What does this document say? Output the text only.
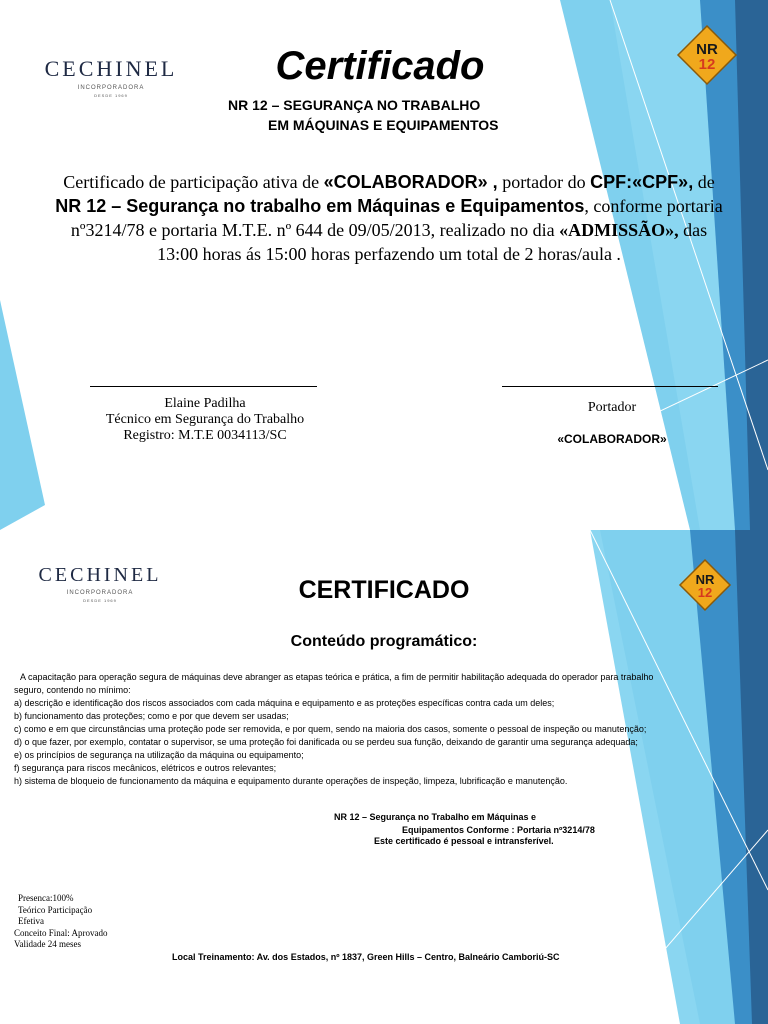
CECHINEL
INCORPORADORA
DESDE 1969
NR
12
Certificado
NR 12 – SEGURANÇA NO TRABALHO
EM MÁQUINAS E EQUIPAMENTOS
Certificado de participação ativa de «COLABORADOR» , portador do CPF:«CPF», de
NR 12 – Segurança no trabalho em Máquinas e Equipamentos, conforme portaria
nº3214/78 e portaria M.T.E. nº 644 de 09/05/2013, realizado no dia «ADMISSÃO», das
13:00 horas ás 15:00 horas perfazendo um total de 2 horas/aula .
Elaine Padilha
Técnico em Segurança do Trabalho
Registro: M.T.E 0034113/SC
Portador
«COLABORADOR»
CECHINEL
INCORPORADORA
DESDE 1969
NR
12
CERTIFICADO
Conteúdo programático:

A capacitação para operação segura de máquinas deve abranger as etapas teórica e prática, a fim de permitir habilitação adequada do operador para trabalho

seguro, contendo no mínimo:

a) descrição e identificação dos riscos associados com cada máquina e equipamento e as proteções específicas contra cada um deles;

b) funcionamento das proteções; como e por que devem ser usadas;

c) como e em que circunstâncias uma proteção pode ser removida, e por quem, sendo na maioria dos casos, somente o pessoal de inspeção ou manutenção;

d) o que fazer, por exemplo, contatar o supervisor, se uma proteção foi danificada ou se perdeu sua função, deixando de garantir uma segurança adequada;

e) os princípios de segurança na utilização da máquina ou equipamento;

f) segurança para riscos mecânicos, elétricos e outros relevantes;

h) sistema de bloqueio de funcionamento da máquina e equipamento durante operações de inspeção, limpeza, lubrificação e manutenção.

NR 12 – Segurança no Trabalho em Máquinas e
Equipamentos Conforme : Portaria nº3214/78
Este certificado é pessoal e intransferível.
Presenca:100%
Teórico Participação
Efetiva
Conceito Final: Aprovado
Validade 24 meses
Local Treinamento: Av. dos Estados, nº 1837, Green Hills – Centro, Balneário Camboriú-SC
